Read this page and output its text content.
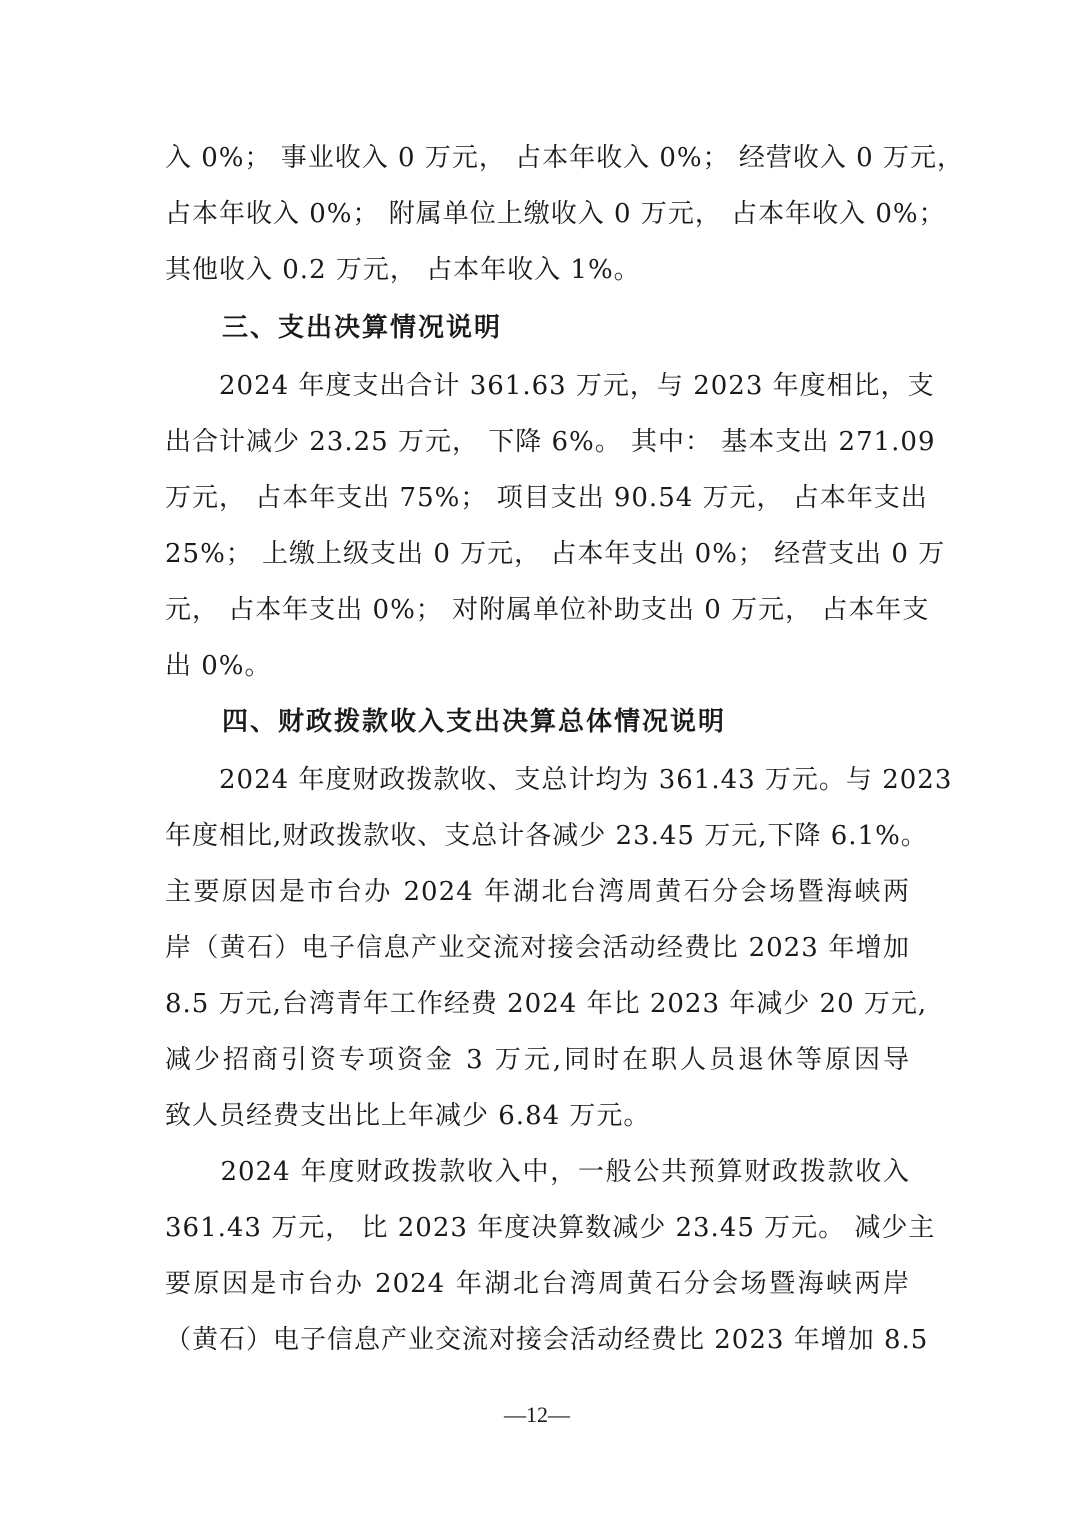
入 0%； 事业收入 0 万元， 占本年收入 0%； 经营收入 0 万元，
占本年收入 0%； 附属单位上缴收入 0 万元， 占本年收入 0%；
其他收入 0.2 万元， 占本年收入 1%。
三、支出决算情况说明
　　2024 年度支出合计 361.63 万元，与 2023 年度相比，支
出合计减少 23.25 万元， 下降 6%。 其中： 基本支出 271.09
万元， 占本年支出 75%； 项目支出 90.54 万元， 占本年支出
25%； 上缴上级支出 0 万元， 占本年支出 0%； 经营支出 0 万
元， 占本年支出 0%； 对附属单位补助支出 0 万元， 占本年支
出 0%。
四、财政拨款收入支出决算总体情况说明
　　2024 年度财政拨款收、支总计均为 361.43 万元。与 2023
年度相比,财政拨款收、支总计各减少 23.45 万元,下降 6.1%。
主要原因是市台办 2024 年湖北台湾周黄石分会场暨海峡两
岸（黄石）电子信息产业交流对接会活动经费比 2023 年增加
8.5 万元,台湾青年工作经费 2024 年比 2023 年减少 20 万元,
减少招商引资专项资金 3 万元,同时在职人员退休等原因导
致人员经费支出比上年减少 6.84 万元。
　　2024 年度财政拨款收入中，一般公共预算财政拨款收入
361.43 万元， 比 2023 年度决算数减少 23.45 万元。 减少主
要原因是市台办 2024 年湖北台湾周黄石分会场暨海峡两岸
（黄石）电子信息产业交流对接会活动经费比 2023 年增加 8.5
—12—
